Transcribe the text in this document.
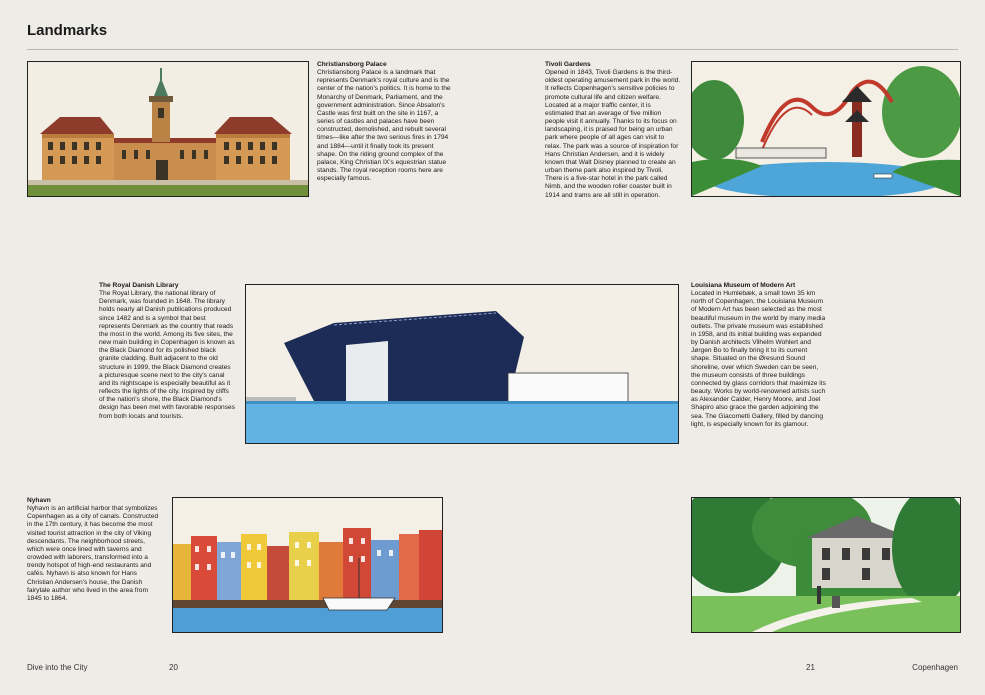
Landmarks
Christiansborg Palace

Christiansborg Palace is a landmark that represents Denmark's royal culture and is the center of the nation's politics. It is home to the Monarchy of Denmark, Parliament, and the government administration. Since Absalon's Castle was first built on the site in 1167, a series of castles and palaces have been constructed, demolished, and rebuilt several times—like after the two serious fires in 1794 and 1884—until it finally took its present shape. On the riding ground complex of the palace, King Christian IX's equestrian statue stands. The royal reception rooms here are especially famous.

Tivoli Gardens

Opened in 1843, Tivoli Gardens is the third-oldest operating amusement park in the world. It reflects Copenhagen's sensitive policies to promote cultural life and citizen welfare. Located at a major traffic center, it is estimated that an average of five million people visit it annually. Thanks to its focus on landscaping, it is praised for being an urban park where people of all ages can visit to relax. The park was a source of inspiration for Hans Christian Andersen, and it is widely known that Walt Disney planned to create an urban theme park also inspired by Tivoli. There is a five-star hotel in the park called Nimb, and the wooden roller coaster built in 1914 and trams are all still in operation.

The Royal Danish Library

The Royal Library, the national library of Denmark, was founded in 1648. The library holds nearly all Danish publications produced since 1482 and is a symbol that best represents Denmark as the country that reads the most in the world. Among its five sites, the new main building in Copenhagen is known as the Black Diamond for its polished black granite cladding. Built adjacent to the old structure in 1999, the Black Diamond creates a picturesque scene next to the city's canal and its nightscape is especially beautiful as it reflects the lights of the city. Inspired by cliffs of the nation's shore, the Black Diamond's design has been met with favorable responses from both locals and tourists.

Louisiana Museum of Modern Art

Located in Humlebæk, a small town 35 km north of Copenhagen, the Louisiana Museum of Modern Art has been selected as the most beautiful museum in the world by many media outlets. The private museum was established in 1958, and its initial building was expanded by Danish architects Vilhelm Wohlert and Jørgen Bo to finally bring it to its current shape. Situated on the Øresund Sound shoreline, over which Sweden can be seen, the museum consists of three buildings connected by glass corridors that maximize its beauty. Works by world-renowned artists such as Alexander Calder, Henry Moore, and Joel Shapiro also grace the garden adjoining the sea. The Giacometti Gallery, filled by dancing light, is especially known for its glamour.

Nyhavn

Nyhavn is an artificial harbor that symbolizes Copenhagen as a city of canals. Constructed in the 17th century, it has become the most visited tourist attraction in the city of Viking descendants. The neighborhood streets, which were once lined with taverns and crowded with laborers, transformed into a trendy hotspot of high-end restaurants and cafés. Nyhavn is also known for Hans Christian Andersen's house, the Danish fairytale author who lived in the area from 1845 to 1864.

Dive into the City	20	21	Copenhagen
